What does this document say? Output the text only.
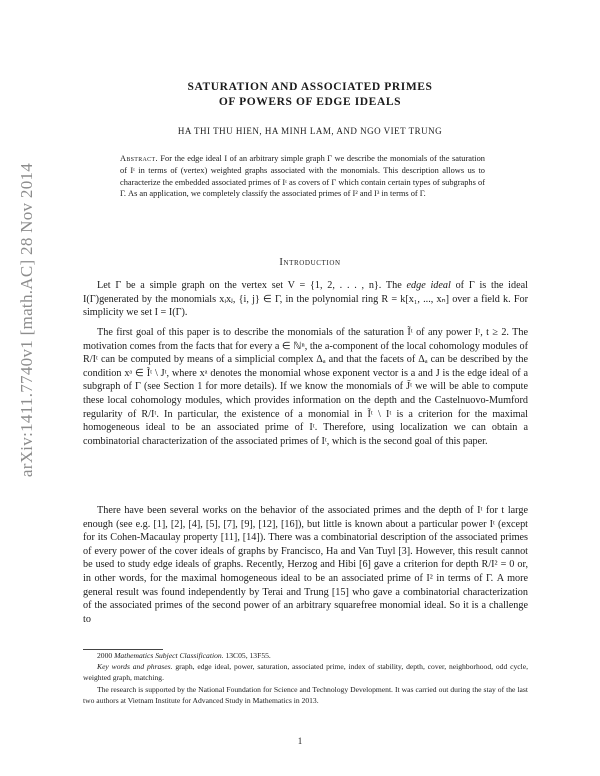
arXiv:1411.7740v1 [math.AC] 28 Nov 2014
SATURATION AND ASSOCIATED PRIMES
OF POWERS OF EDGE IDEALS
HA THI THU HIEN, HA MINH LAM, AND NGO VIET TRUNG
Abstract. For the edge ideal I of an arbitrary simple graph Γ we describe the monomials of the saturation of Iᵗ in terms of (vertex) weighted graphs associated with the monomials. This description allows us to characterize the embedded associated primes of Iᵗ as covers of Γ which contain certain types of subgraphs of Γ. As an application, we completely classify the associated primes of I² and I³ in terms of Γ.
Introduction
Let Γ be a simple graph on the vertex set V = {1, 2, . . . , n}. The edge ideal of Γ is the ideal I(Γ)generated by the monomials xᵢxⱼ, {i, j} ∈ Γ, in the polynomial ring R = k[x₁, ..., xₙ] over a field k. For simplicity we set I = I(Γ).
The first goal of this paper is to describe the monomials of the saturation Ĩᵗ of any power Iᵗ, t ≥ 2. The motivation comes from the facts that for every a ∈ ℕⁿ, the a-component of the local cohomology modules of R/Iᵗ can be computed by means of a simplicial complex Δₐ and that the facets of Δₐ can be described by the condition xᵃ ∈ Ĩᵗ \ Jᵗ, where xᵃ denotes the monomial whose exponent vector is a and J is the edge ideal of a subgraph of Γ (see Section 1 for more details). If we know the monomials of J̃ᵗ we will be able to compute these local cohomology modules, which provides information on the depth and the Castelnuovo-Mumford regularity of R/Iᵗ. In particular, the existence of a monomial in Ĩᵗ \ Iᵗ is a criterion for the maximal homogeneous ideal to be an associated prime of Iᵗ. Therefore, using localization we can obtain a combinatorial characterization of the associated primes of Iᵗ, which is the second goal of this paper.
There have been several works on the behavior of the associated primes and the depth of Iᵗ for t large enough (see e.g. [1], [2], [4], [5], [7], [9], [12], [16]), but little is known about a particular power Iᵗ (except for its Cohen-Macaulay property [11], [14]). There was a combinatorial description of the associated primes of every power of the cover ideals of graphs by Francisco, Ha and Van Tuyl [3]. However, this result cannot be used to study edge ideals of graphs. Recently, Herzog and Hibi [6] gave a criterion for depth R/I² = 0 or, in other words, for the maximal homogeneous ideal to be an associated prime of I² in terms of Γ. A more general result was found independently by Terai and Trung [15] who gave a combinatorial characterization of the associated primes of the second power of an arbitrary squarefree monomial ideal. So it is a challenge to
2000 Mathematics Subject Classification. 13C05, 13F55.
Key words and phrases. graph, edge ideal, power, saturation, associated prime, index of stability, depth, cover, neighborhood, odd cycle, weighted graph, matching.
The research is supported by the National Foundation for Science and Technology Development. It was carried out during the stay of the last two authors at Vietnam Institute for Advanced Study in Mathematics in 2013.
1
